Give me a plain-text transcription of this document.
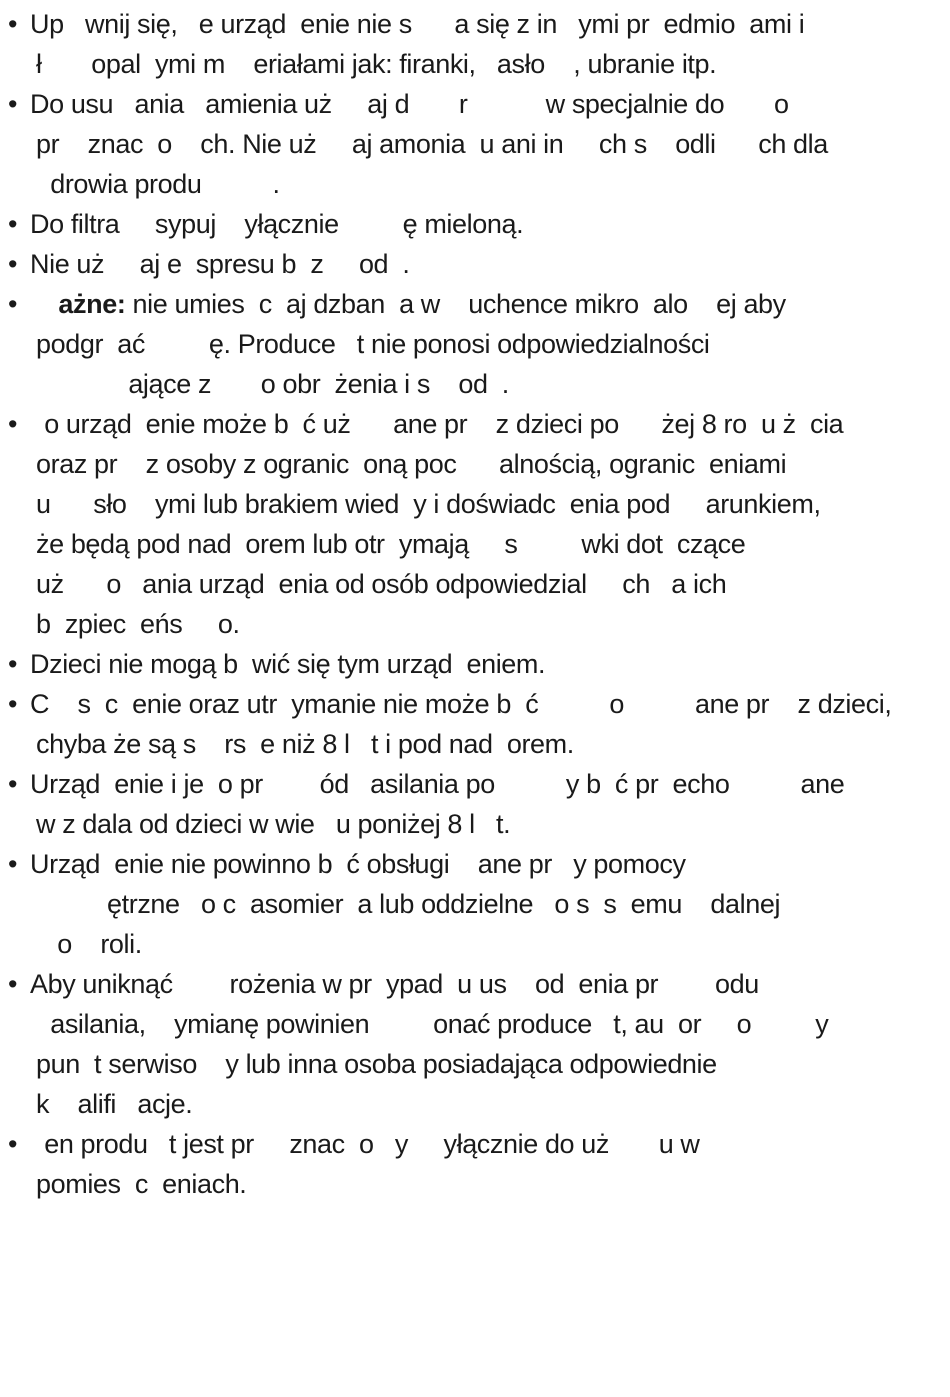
• Up   wnij się,   e urząd  enie nie s      a się z in   ymi pr  edmio  ami i
ł       opal  ymi m    eriałami jak: firanki,   asło    , ubranie itp.
• Do usu   ania   amienia uż     aj d       r           w specjalnie do       o
pr    znac  o    ch. Nie uż     aj amonia  u ani in     ch s    odli      ch dla
drowia produ          .
• Do filtra     sypuj    yłącznie         ę mieloną.
• Nie uż     aj e  spresu b  z     od  .
• ażne: nie umies  c  aj dzban  a w    uchence mikro  alo    ej aby
podgr  ać         ę. Produce   t nie ponosi odpowiedzialności
ające z       o obr  żenia i s    od  .
• o urząd  enie może b  ć uż      ane pr    z dzieci po      żej 8 ro  u ż  cia
oraz pr    z osoby z ogranic  oną poc      alnością, ogranic  eniami
u      sło    ymi lub brakiem wied  y i doświadc  enia pod     arunkiem,
że będą pod nad  orem lub otr  ymają     s         wki dot  czące
uż      o   ania urząd  enia od osób odpowiedzial     ch   a ich
b  zpiec  eńs     o.
• Dzieci nie mogą b  wić się tym urząd  eniem.
• C    s  c  enie oraz utr  ymanie nie może b  ć          o          ane pr    z dzieci,
chyba że są s    rs  e niż 8 l   t i pod nad  orem.
• Urząd  enie i je  o pr        ód   asilania po          y b  ć pr  echo          ane
w z dala od dzieci w wie   u poniżej 8 l   t.
• Urząd  enie nie powinno b  ć obsługi    ane pr   y pomocy
ętrzne   o c  asomier  a lub oddzielne   o s  s  emu    dalnej
o    roli.
• Aby uniknąć        rożenia w pr  ypad  u us    od  enia pr        odu
asilania,    ymianę powinien         onać produce   t, au  or     o         y
pun  t serwiso    y lub inna osoba posiadająca odpowiednie
k    alifi   acje.
• en produ   t jest pr     znac  o   y     yłącznie do uż       u w
pomies  c  eniach.
